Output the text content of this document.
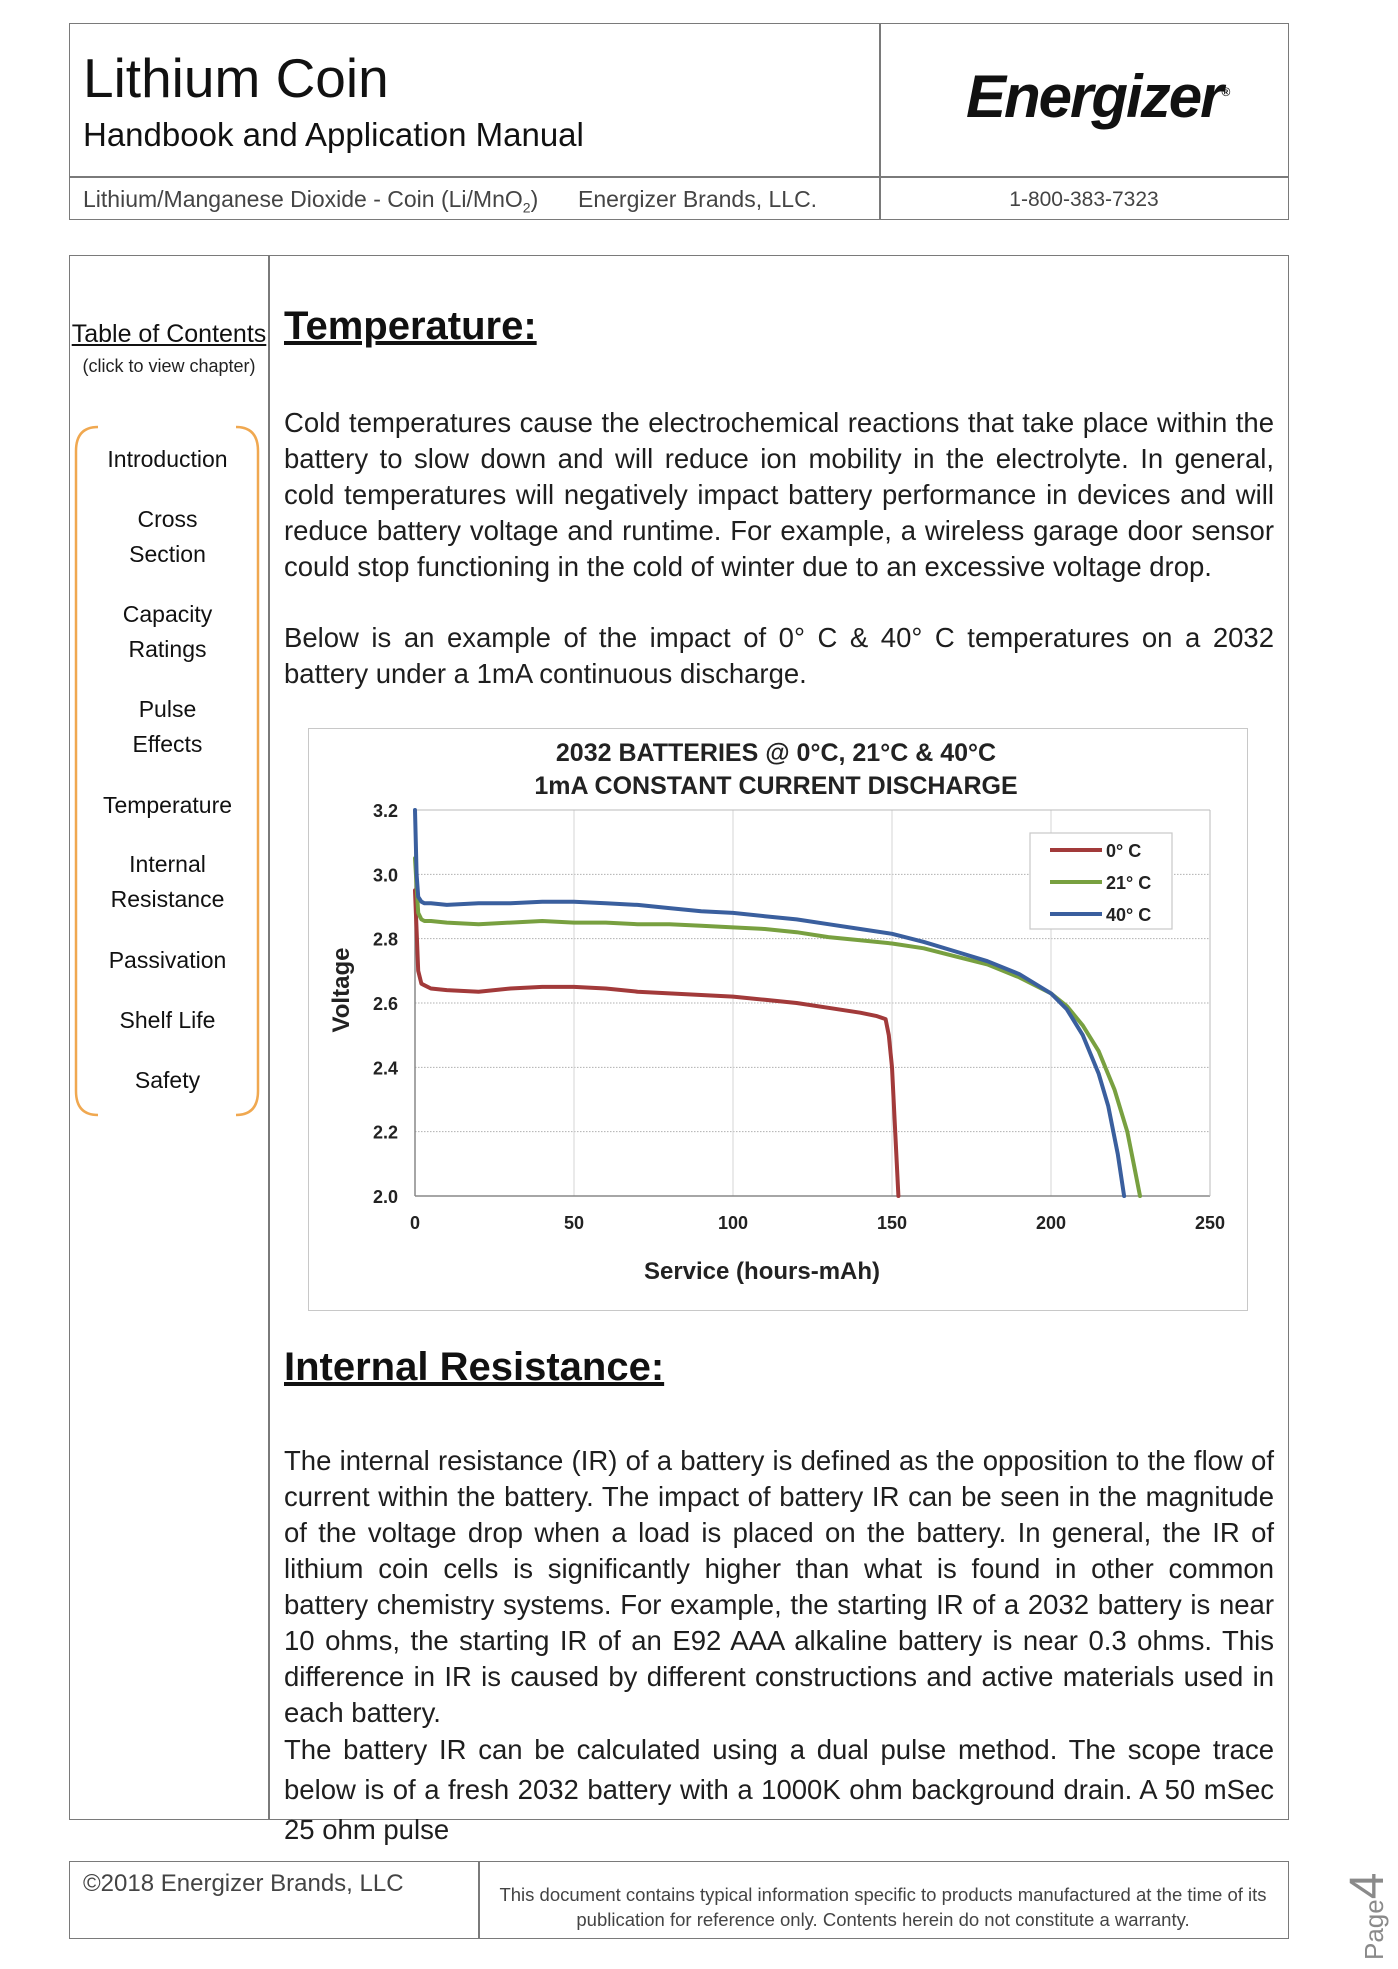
Lithium Coin
Handbook and Application Manual
Energizer®
Lithium/Manganese Dioxide - Coin (Li/MnO$_2$) Energizer Brands, LLC.	1-800-383-7323
Table of Contents
(click to view chapter)
Introduction
Cross
Section
Capacity
Ratings
Pulse
Effects
Temperature
Internal
Resistance
Passivation
Shelf Life
Safety
Temperature:

Cold temperatures cause the electrochemical reactions that take place within the battery to slow down and will reduce ion mobility in the electrolyte. In general, cold temperatures will negatively impact battery performance in devices and will reduce battery voltage and runtime. For example, a wireless garage door sensor could stop functioning in the cold of winter due to an excessive voltage drop.

Below is an example of the impact of 0° C & 40° C temperatures on a 2032 battery under a 1mA continuous discharge.

3.2
3.0
2.8
2.6
2.4
2.2
2.0
0	50	100	150	200	250
2032 BATTERIES @ 0°C, 21°C & 40°C
1mA CONSTANT CURRENT DISCHARGE
Voltage
Service (hours-mAh)
0° C
21° C
40° C
Internal Resistance:

The internal resistance (IR) of a battery is defined as the opposition to the flow of current within the battery. The impact of battery IR can be seen in the magnitude of the voltage drop when a load is placed on the battery. In general, the IR of lithium coin cells is significantly higher than what is found in other common battery chemistry systems. For example, the starting IR of a 2032 battery is near 10 ohms, the starting IR of an E92 AAA alkaline battery is near 0.3 ohms. This difference in IR is caused by different constructions and active materials used in each battery.

The battery IR can be calculated using a dual pulse method. The scope trace below is of a fresh 2032 battery with a 1000K ohm background drain. A 50 mSec 25 ohm pulse

©2018 Energizer Brands, LLC	This document contains typical information specific to products manufactured at the time of its
publication for reference only. Contents herein do not constitute a warranty.	Page4
